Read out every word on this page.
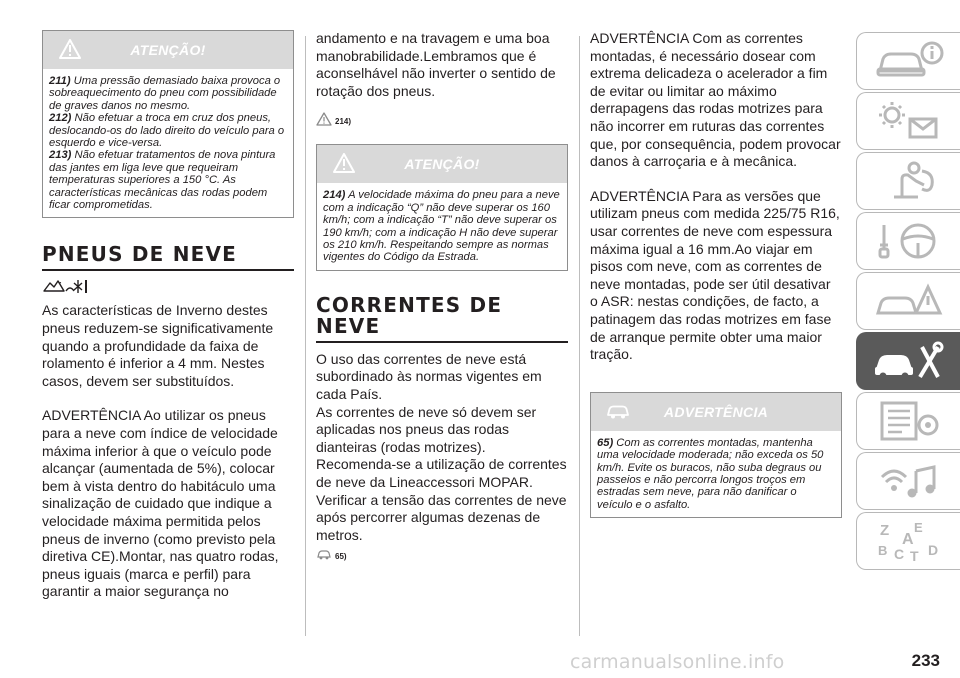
ATENÇÃO!

211) Uma pressão demasiado baixa provoca o sobreaquecimento do pneu com possibilidade de graves danos no mesmo.

212) Não efetuar a troca em cruz dos pneus, deslocando-os do lado direito do veículo para o esquerdo e vice-versa.

213) Não efetuar tratamentos de nova pintura das jantes em liga leve que requeiram temperaturas superiores a 150 °C. As características mecânicas das rodas podem ficar comprometidas.

PNEUS DE NEVE

As características de Inverno destes pneus reduzem-se significativamente quando a profundidade da faixa de rolamento é inferior a 4 mm. Nestes casos, devem ser substituídos.

ADVERTÊNCIA Ao utilizar os pneus para a neve com índice de velocidade máxima inferior à que o veículo pode alcançar (aumentada de 5%), colocar bem à vista dentro do habitáculo uma sinalização de cuidado que indique a velocidade máxima permitida pelos pneus de inverno (como previsto pela diretiva CE).Montar, nas quatro rodas, pneus iguais (marca e perfil) para garantir a maior segurança no

andamento e na travagem e uma boa manobrabilidade.Lembramos que é aconselhável não inverter o sentido de rotação dos pneus.

214)
ATENÇÃO!

214) A velocidade máxima do pneu para a neve com a indicação “Q” não deve superar os 160 km/h; com a indicação “T” não deve superar os 190 km/h; com a indicação H não deve superar os 210 km/h. Respeitando sempre as normas vigentes do Código da Estrada.

CORRENTES DE
NEVE

O uso das correntes de neve está subordinado às normas vigentes em cada País.

As correntes de neve só devem ser aplicadas nos pneus das rodas dianteiras (rodas motrizes).

Recomenda-se a utilização de correntes de neve da Lineaccessori MOPAR. Verificar a tensão das correntes de neve após percorrer algumas dezenas de metros.

65)

ADVERTÊNCIA Com as correntes montadas, é necessário dosear com extrema delicadeza o acelerador a fim de evitar ou limitar ao máximo derrapagens das rodas motrizes para não incorrer em ruturas das correntes que, por consequência, podem provocar danos à carroçaria e à mecânica.

ADVERTÊNCIA Para as versões que utilizam pneus com medida 225/75 R16, usar correntes de neve com espessura máxima igual a 16 mm.Ao viajar em pisos com neve, com as correntes de neve montadas, pode ser útil desativar o ASR: nestas condições, de facto, a patinagem das rodas motrizes em fase de arranque permite obter uma maior tração.

ADVERTÊNCIA

65) Com as correntes montadas, mantenha uma velocidade moderada; não exceda os 50 km/h. Evite os buracos, não suba degraus ou passeios e não percorra longos troços em estradas sem neve, para não danificar o veículo e o asfalto.

Z E
A
B C T D
carmanualsonline.info	233
